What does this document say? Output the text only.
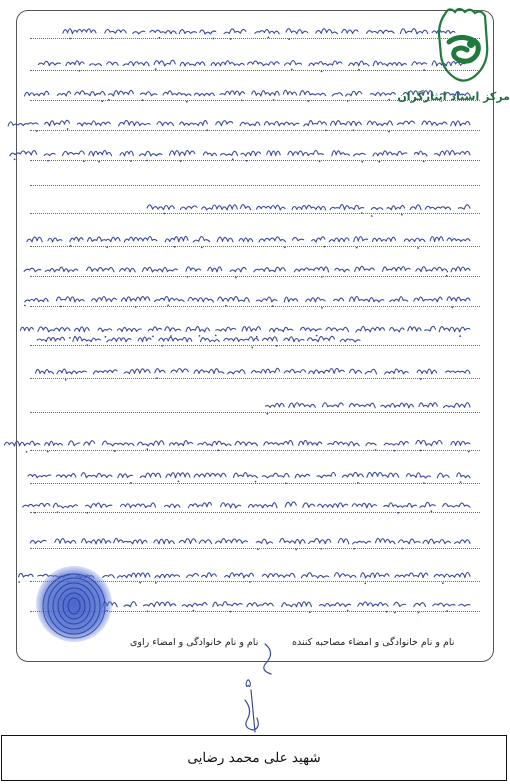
مرکز اسناد ایثارگران
نام و نام خانوادگی و امضاء مصاحبه کننده
نام و نام خانوادگی و امضاء راوی
۵
شهید علی محمد رضایی
